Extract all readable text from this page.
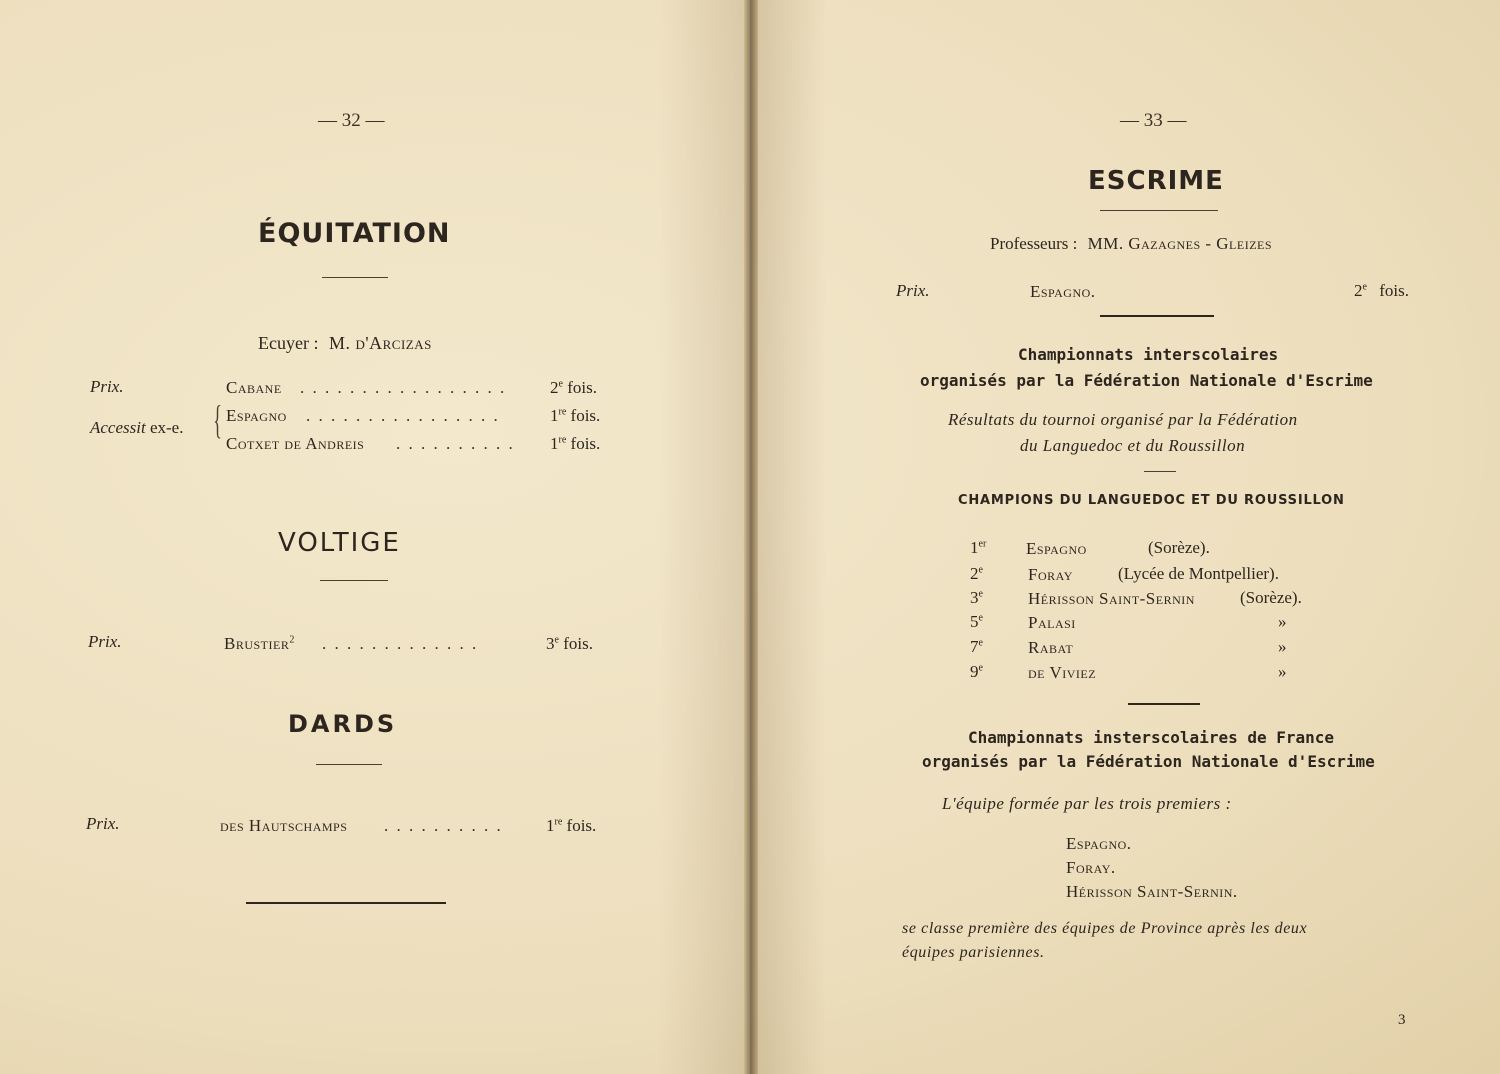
— 32 —
ÉQUITATION
Ecuyer : M. d'Arcizas
Prix.	Cabane . . . . . . . . . . . . . . . . .	2e fois.
Accessit ex-e. { Espagno . . . . . . . . . . . . . . . .	1re fois.
Cotxet de Andreis . . . . . . . . . . 1re fois.
VOLTIGE
Prix.	Brustier$^2$ . . . . . . . . . . . . .	3e fois.
DARDS
Prix.	des Hautschamps . . . . . . . . . .	1re fois.
— 33 —
ESCRIME
Professeurs : MM. Gazagnes - Gleizes
Prix.	Espagno.	2e fois.
Championnats interscolaires
organisés par la Fédération Nationale d'Escrime
Résultats du tournoi organisé par la Fédération
du Languedoc et du Roussillon
CHAMPIONS DU LANGUEDOC ET DU ROUSSILLON
1er Espagno	(Sorèze).
2e	Foray	(Lycée de Montpellier).
3e	Hérisson Saint-Sernin	(Sorèze).
5e	Palasi	»
7e	Rabat	»
9e	de Viviez	»
Championnats insterscolaires de France
organisés par la Fédération Nationale d'Escrime
L'équipe formée par les trois premiers :
Espagno.
Foray.
Hérisson Saint-Sernin.
se classe première des équipes de Province après les deux
équipes parisiennes.
3
